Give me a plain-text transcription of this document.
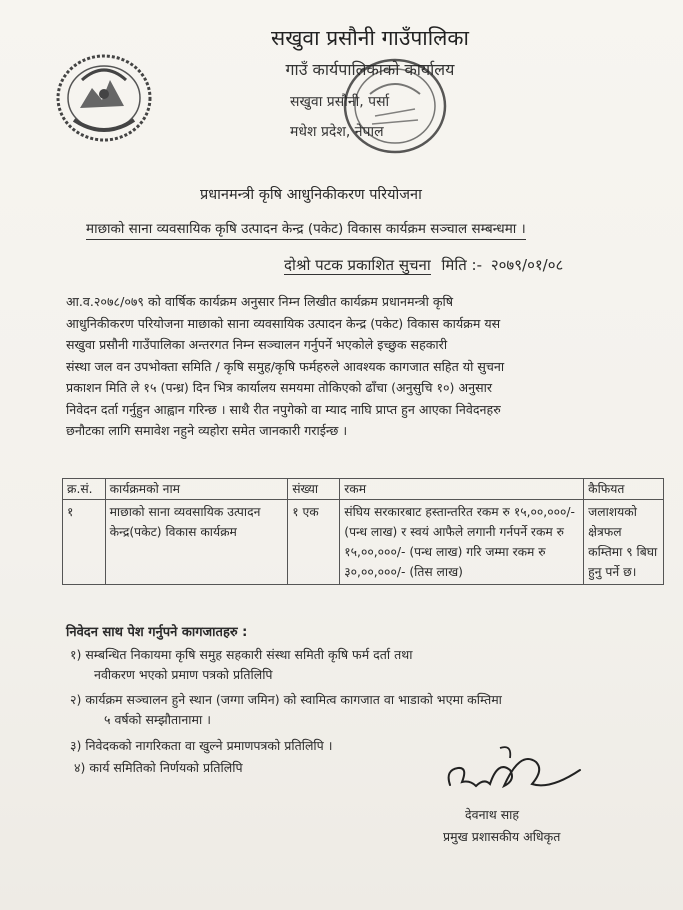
सखुवा प्रसौनी गाउँपालिका
गाउँ कार्यपालिकाको कार्यालय
सखुवा प्रसौनी, पर्सा
मधेश प्रदेश, नेपाल
प्रधानमन्त्री कृषि आधुनिकीकरण परियोजना
माछाको साना व्यवसायिक कृषि उत्पादन केन्द्र (पकेट) विकास कार्यक्रम सञ्चाल सम्बन्धमा ।
दोश्रो पटक प्रकाशित सुचना मिति :- २०७९/०१/०८
आ.व.२०७८/०७९ को वार्षिक कार्यक्रम अनुसार निम्न लिखीत कार्यक्रम प्रधानमन्त्री कृषि
आधुनिकीकरण परियोजना माछाको साना व्यवसायिक उत्पादन केन्द्र (पकेट) विकास कार्यक्रम यस
सखुवा प्रसौनी गाउँपालिका अन्तरगत निम्न सञ्चालन गर्नुपर्ने भएकोले इच्छुक सहकारी
संस्था जल वन उपभोक्ता समिति / कृषि समुह/कृषि फर्महरुले आवश्यक कागजात सहित यो सुचना
प्रकाशन मिति ले १५ (पन्ध्र) दिन भित्र कार्यालय समयमा तोकिएको ढाँचा (अनुसुचि १०) अनुसार
निवेदन दर्ता गर्नुहुन आह्वान गरिन्छ । साथै रीत नपुगेको वा म्याद नाघि प्राप्त हुन आएका निवेदनहरु
छनौटका लागि समावेश नहुने व्यहोरा समेत जानकारी गराईन्छ ।
क्र.सं.	कार्यक्रमको नाम	संख्या	रकम	कैफियत
१	माछाको साना व्यवसायिक उत्पादन केन्द्र(पकेट) विकास कार्यक्रम	१ एक	संघिय सरकारबाट हस्तान्तरित रकम रु १५,००,०००/- (पन्ध लाख) र स्वयं आफैले लगानी गर्नपर्ने रकम रु १५,००,०००/- (पन्ध लाख) गरि जम्मा रकम रु ३०,००,०००/- (तिस लाख)	जलाशयको क्षेत्रफल कम्तिमा ९ बिघा हुनु पर्ने छ।
निवेदन साथ पेश गर्नुपने कागजातहरु :
१) सम्बन्धित निकायमा कृषि समुह सहकारी संस्था समिती कृषि फर्म दर्ता तथा
नवीकरण भएको प्रमाण पत्रको प्रतिलिपि
२) कार्यक्रम सञ्चालन हुने स्थान (जग्गा जमिन) को स्वामित्व कागजात वा भाडाको भएमा कम्तिमा
५ वर्षको सम्झौतानामा ।
३) निवेदकको नागरिकता वा खुल्ने प्रमाणपत्रको प्रतिलिपि ।
४) कार्य समितिको निर्णयको प्रतिलिपि
देवनाथ साह
प्रमुख प्रशासकीय अधिकृत
